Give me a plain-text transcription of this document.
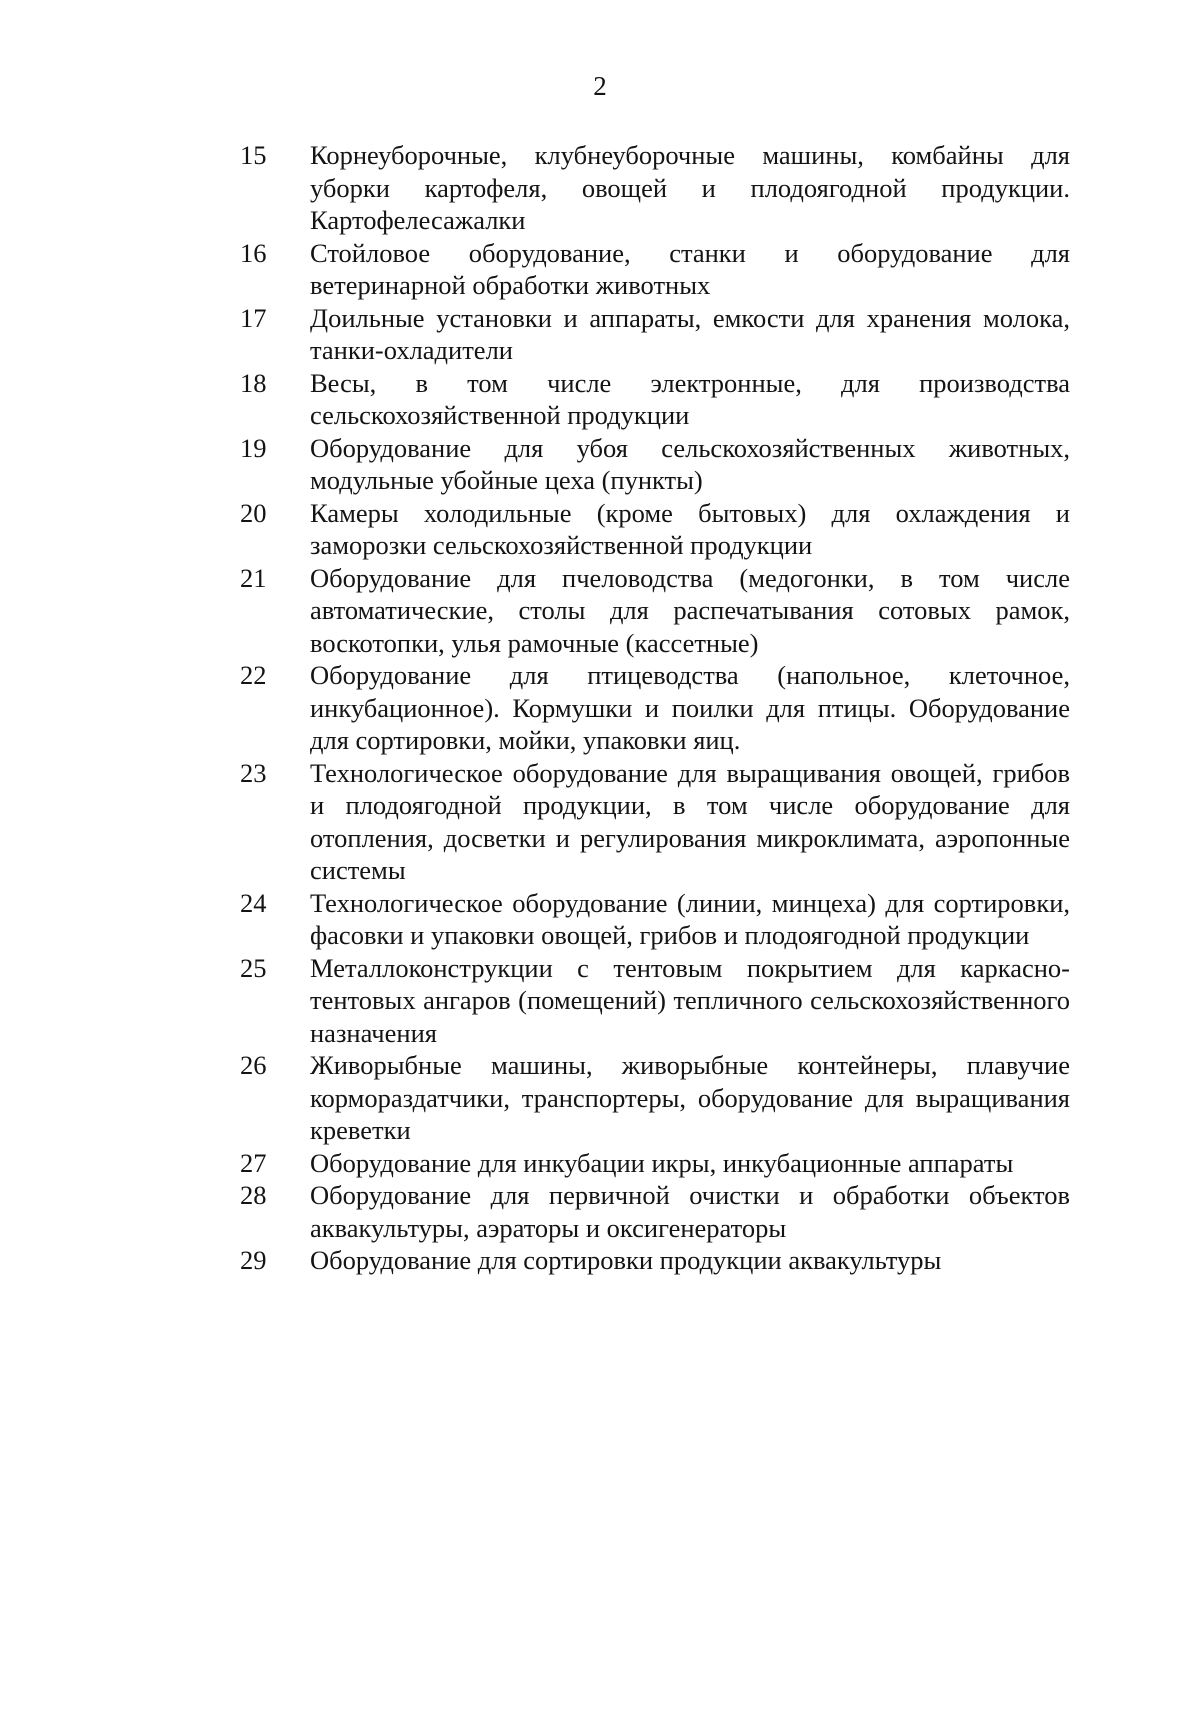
2
15	Корнеуборочные, клубнеуборочные машины, комбайны для уборки картофеля, овощей и плодоягодной продукции. Картофелесажалки
16	Стойловое оборудование, станки и оборудование для ветеринарной обработки животных
17	Доильные установки и аппараты, емкости для хранения молока, танки-охладители
18	Весы, в том числе электронные, для производства сельскохозяйственной продукции
19	Оборудование для убоя сельскохозяйственных животных, модульные убойные цеха (пункты)
20	Камеры холодильные (кроме бытовых) для охлаждения и заморозки сельскохозяйственной продукции
21	Оборудование для пчеловодства (медогонки, в том числе автоматические, столы для распечатывания сотовых рамок, воскотопки, улья рамочные (кассетные)
22	Оборудование для птицеводства (напольное, клеточное, инкубационное). Кормушки и поилки для птицы. Оборудование для сортировки, мойки, упаковки яиц.
23	Технологическое оборудование для выращивания овощей, грибов и плодоягодной продукции, в том числе оборудование для отопления, досветки и регулирования микроклимата, аэропонные системы
24	Технологическое оборудование (линии, минцеха) для сортировки, фасовки и упаковки овощей, грибов и плодоягодной продукции
25	Металлоконструкции с тентовым покрытием для каркасно-тентовых ангаров (помещений) тепличного сельскохозяйственного назначения
26	Живорыбные машины, живорыбные контейнеры, плавучие кормораздатчики, транспортеры, оборудование для выращивания креветки
27	Оборудование для инкубации икры, инкубационные аппараты
28	Оборудование для первичной очистки и обработки объектов аквакультуры, аэраторы и оксигенераторы
29	Оборудование для сортировки продукции аквакультуры
